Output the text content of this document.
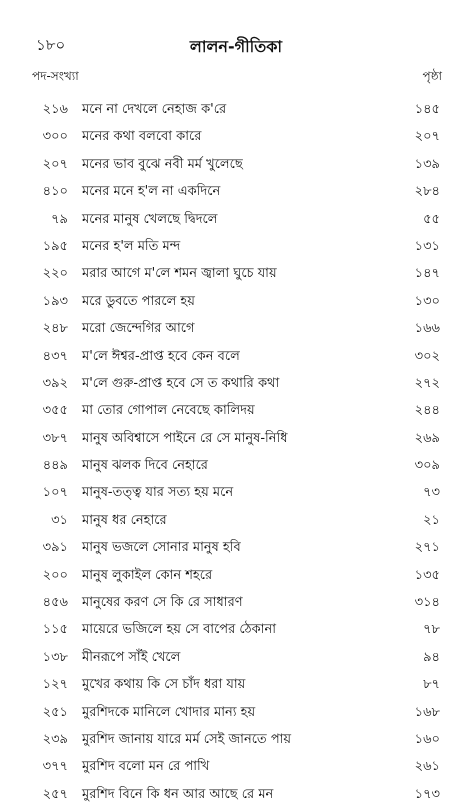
১৮০	লালন-গীতিকা
পদ-সংখ্যা	পৃষ্ঠা
২১৬ মনে না দেখলে নেহাজ ক'রে	১৪৫
৩০০ মনের কথা বলবো কারে	২০৭
২০৭ মনের ভাব বুঝে নবী মর্ম খুলেছে	১৩৯
৪১০ মনের মনে হ'ল না একদিনে	২৮৪
৭৯ মনের মানুষ খেলছে দ্বিদলে	৫৫
১৯৫ মনের হ'ল মতি মন্দ	১৩১
২২০ মরার আগে ম'লে শমন জ্বালা ঘুচে যায়	১৪৭
১৯৩ মরে ডুবতে পারলে হয়	১৩০
২৪৮ মরো জেন্দেগির আগে	১৬৬
৪৩৭ ম'লে ঈশ্বর-প্রাপ্ত হবে কেন বলে	৩০২
৩৯২ ম'লে গুরু-প্রাপ্ত হবে সে ত কথারি কথা	২৭২
৩৫৫ মা তোর গোপাল নেবেছে কালিদয়	২৪৪
৩৮৭ মানুষ অবিশ্বাসে পাইনে রে সে মানুষ-নিধি	২৬৯
৪৪৯ মানুষ ঝলক দিবে নেহারে	৩০৯
১০৭ মানুষ-তত্ত্ব যার সত্য হয় মনে	৭৩
৩১ মানুষ ধর নেহারে	২১
৩৯১ মানুষ ভজলে সোনার মানুষ হবি	২৭১
২০০ মানুষ লুকাইল কোন শহরে	১৩৫
৪৫৬ মানুষের করণ সে কি রে সাধারণ	৩১৪
১১৫ মায়েরে ভজিলে হয় সে বাপের ঠেকানা	৭৮
১৩৮ মীনরূপে সাঁই খেলে	৯৪
১২৭ মুখের কথায় কি সে চাঁদ ধরা যায়	৮৭
২৫১ মুরশিদকে মানিলে খোদার মান্য হয়	১৬৮
২৩৯ মুরশিদ জানায় যারে মর্ম সেই জানতে পায়	১৬০
৩৭৭ মুরশিদ বলো মন রে পাখি	২৬১
২৫৭ মুরশিদ বিনে কি ধন আর আছে রে মন	১৭৩
